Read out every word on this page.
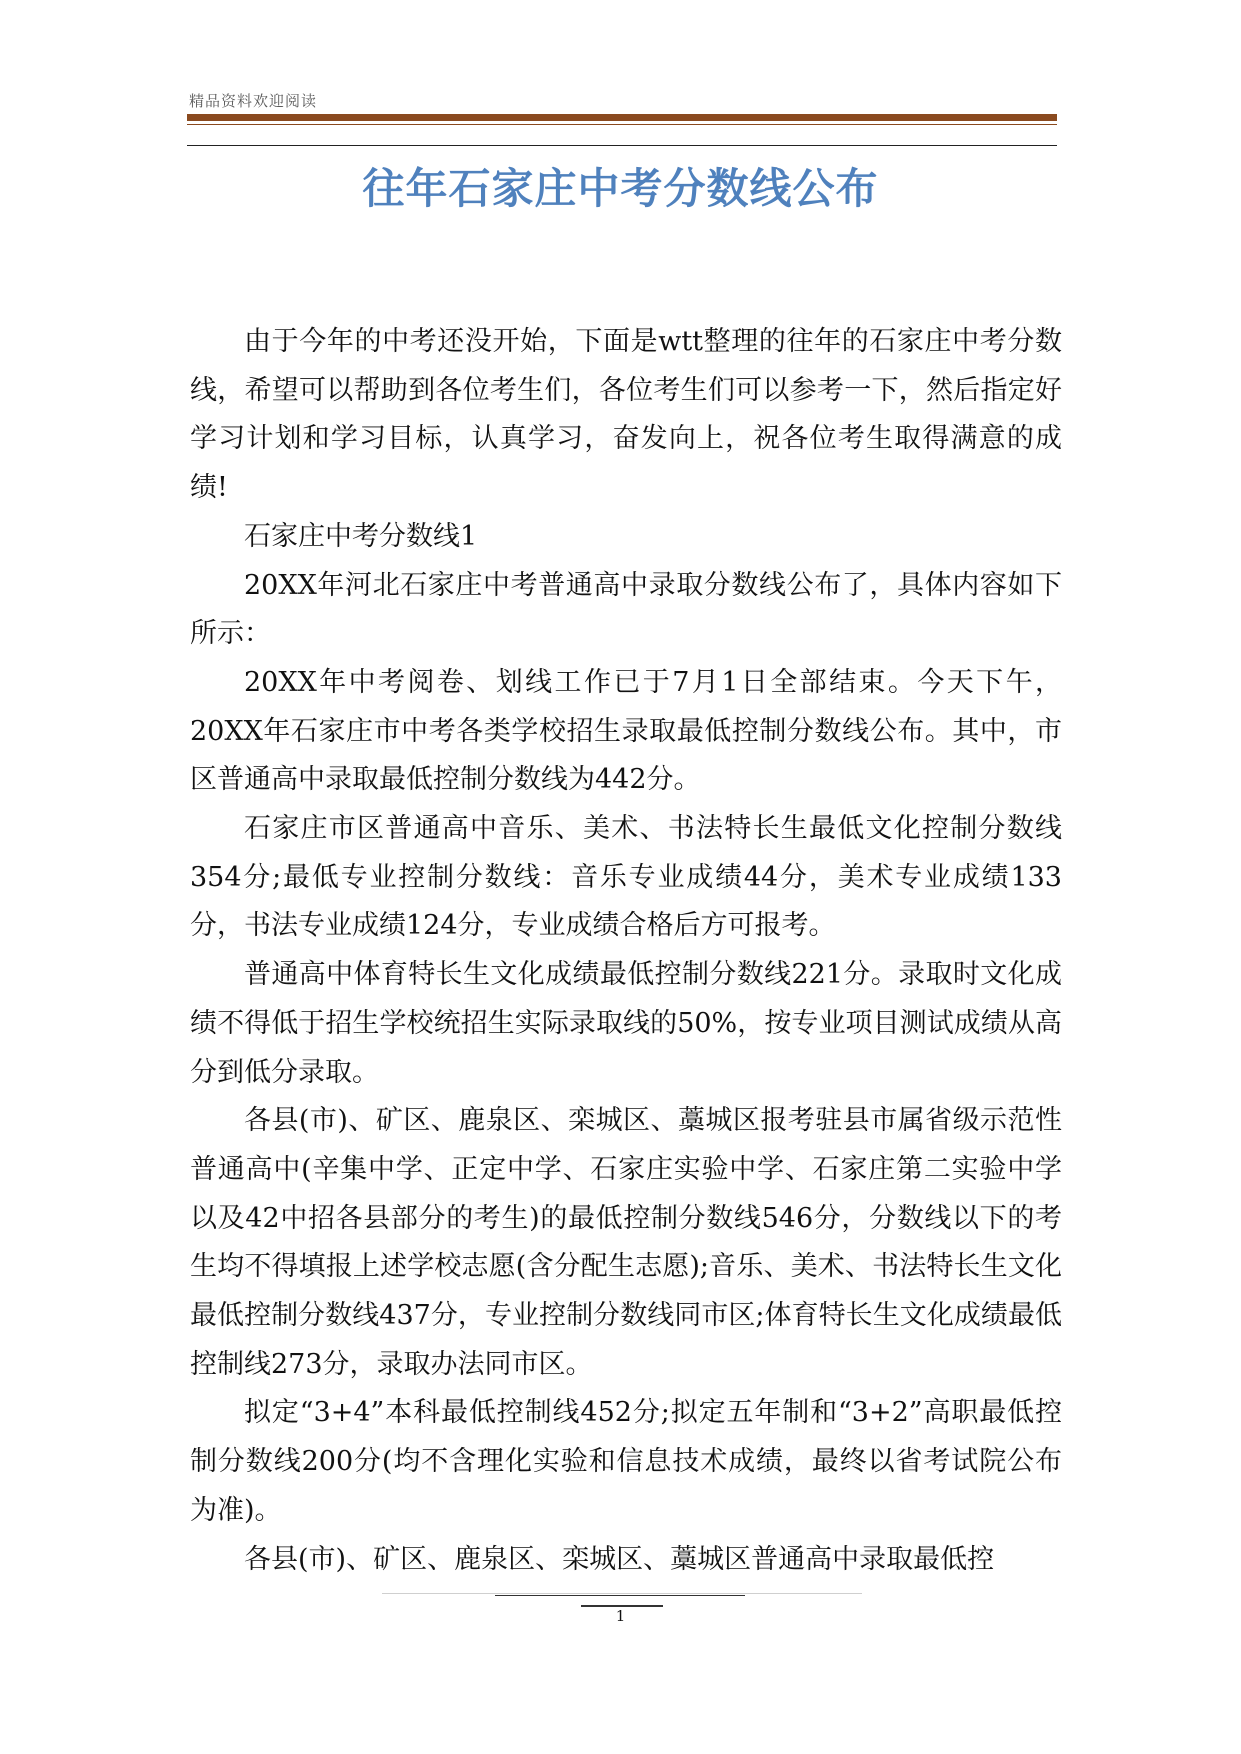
精品资料欢迎阅读
往年石家庄中考分数线公布

由于今年的中考还没开始，下面是wtt整理的往年的石家庄中考分数线，希望可以帮助到各位考生们，各位考生们可以参考一下，然后指定好学习计划和学习目标，认真学习，奋发向上，祝各位考生取得满意的成绩!

石家庄中考分数线1

20XX年河北石家庄中考普通高中录取分数线公布了，具体内容如下所示：

20XX年中考阅卷、划线工作已于7月1日全部结束。今天下午，20XX年石家庄市中考各类学校招生录取最低控制分数线公布。其中，市区普通高中录取最低控制分数线为442分。

石家庄市区普通高中音乐、美术、书法特长生最低文化控制分数线354分;最低专业控制分数线：音乐专业成绩44分，美术专业成绩133分，书法专业成绩124分，专业成绩合格后方可报考。

普通高中体育特长生文化成绩最低控制分数线221分。录取时文化成绩不得低于招生学校统招生实际录取线的50%，按专业项目测试成绩从高分到低分录取。

各县(市)、矿区、鹿泉区、栾城区、藁城区报考驻县市属省级示范性普通高中(辛集中学、正定中学、石家庄实验中学、石家庄第二实验中学以及42中招各县部分的考生)的最低控制分数线546分，分数线以下的考生均不得填报上述学校志愿(含分配生志愿);音乐、美术、书法特长生文化最低控制分数线437分，专业控制分数线同市区;体育特长生文化成绩最低控制线273分，录取办法同市区。

拟定“3+4”本科最低控制线452分;拟定五年制和“3+2”高职最低控制分数线200分(均不含理化实验和信息技术成绩，最终以省考试院公布为准)。

各县(市)、矿区、鹿泉区、栾城区、藁城区普通高中录取最低控

1
